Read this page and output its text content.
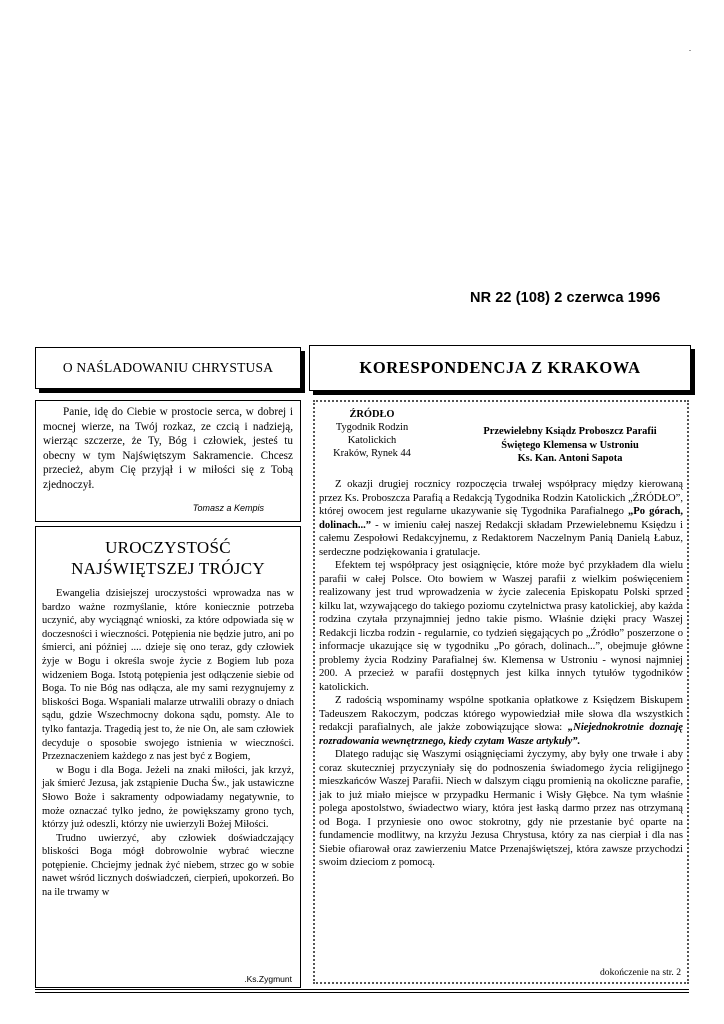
.
NR 22 (108) 2 czerwca 1996
O NAŚLADOWANIU CHRYSTUSA	KORESPONDENCJA Z KRAKOWA

Panie, idę do Ciebie w prostocie serca, w dobrej i mocnej wierze, na Twój rozkaz, ze czcią i nadzieją, wierząc szczerze, że Ty, Bóg i człowiek, jesteś tu obecny w tym Najświętszym Sakramencie. Chcesz przecież, abym Cię przyjął i w miłości się z Tobą zjednoczył.

Tomasz a Kempis
UROCZYSTOŚĆ
NAJŚWIĘTSZEJ TRÓJCY

Ewangelia dzisiejszej uroczystości wprowadza nas w bardzo ważne rozmyślanie, które koniecznie potrzeba uczynić, aby wyciągnąć wnioski, za które odpowiada się w doczesności i wieczności. Potępienia nie będzie jutro, ani po śmierci, ani później .... dzieje się ono teraz, gdy człowiek żyje w Bogu i określa swoje życie z Bogiem lub poza widzeniem Boga. Istotą potępienia jest odłączenie siebie od Boga. To nie Bóg nas odłącza, ale my sami rezygnujemy z bliskości Boga. Wspaniali malarze utrwalili obrazy o dniach sądu, gdzie Wszechmocny dokona sądu, pomsty. Ale to tylko fantazja. Tragedią jest to, że nie On, ale sam człowiek decyduje o sposobie swojego istnienia w wieczności. Przeznaczeniem każdego z nas jest być z Bogiem,

w Bogu i dla Boga. Jeżeli na znaki miłości, jak krzyż, jak śmierć Jezusa, jak zstąpienie Ducha Św., jak ustawiczne Słowo Boże i sakramenty odpowiadamy negatywnie, to może oznaczać tylko jedno, że powiększamy grono tych, którzy już odeszli, którzy nie uwierzyli Bożej Miłości.

Trudno uwierzyć, aby człowiek doświadczający bliskości Boga mógł dobrowolnie wybrać wieczne potępienie. Chciejmy jednak żyć niebem, strzec go w sobie nawet wśród licznych doświadczeń, cierpień, upokorzeń. Bo na ile trwamy w

.Ks.Zygmunt
ŹRÓDŁO
Tygodnik Rodzin
Katolickich
Kraków, Rynek 44
Przewielebny Ksiądz Proboszcz Parafii
Świętego Klemensa w Ustroniu
Ks. Kan. Antoni Sapota

Z okazji drugiej rocznicy rozpoczęcia trwałej współpracy między kierowaną przez Ks. Proboszcza Parafią a Redakcją Tygodnika Rodzin Katolickich „ŹRÓDŁO”, której owocem jest regularne ukazywanie się Tygodnika Parafialnego „Po górach, dolinach...” - w imieniu całej naszej Redakcji składam Przewielebnemu Księdzu i całemu Zespołowi Redakcyjnemu, z Redaktorem Naczelnym Panią Danielą Łabuz, serdeczne podziękowania i gratulacje.

Efektem tej współpracy jest osiągnięcie, które może być przykładem dla wielu parafii w całej Polsce. Oto bowiem w Waszej parafii z wielkim poświęceniem realizowany jest trud wprowadzenia w życie zalecenia Episkopatu Polski sprzed kilku lat, wzywającego do takiego poziomu czytelnictwa prasy katolickiej, aby każda rodzina czytała przynajmniej jedno takie pismo. Właśnie dzięki pracy Waszej Redakcji liczba rodzin - regularnie, co tydzień sięgających po „Źródło” poszerzone o informacje ukazujące się w tygodniku „Po górach, dolinach...”, obejmuje główne problemy życia Rodziny Parafialnej św. Klemensa w Ustroniu - wynosi najmniej 200. A przecież w parafii dostępnych jest kilka innych tytułów tygodników katolickich.

Z radością wspominamy wspólne spotkania opłatkowe z Księdzem Biskupem Tadeuszem Rakoczym, podczas którego wypowiedział miłe słowa dla wszystkich redakcji parafialnych, ale jakże zobowiązujące słowa: „Niejednokrotnie doznaję rozradowania wewnętrznego, kiedy czytam Wasze artykuły”.

Dlatego radując się Waszymi osiągnięciami życzymy, aby były one trwałe i aby coraz skuteczniej przyczyniały się do podnoszenia świadomego życia religijnego mieszkańców Waszej Parafii. Niech w dalszym ciągu promienią na okoliczne parafie, jak to już miało miejsce w przypadku Hermanic i Wisły Głębce. Na tym właśnie polega apostolstwo, świadectwo wiary, która jest łaską darmo przez nas otrzymaną od Boga. I przyniesie ono owoc stokrotny, gdy nie przestanie być oparte na fundamencie modlitwy, na krzyżu Jezusa Chrystusa, który za nas cierpiał i dla nas Siebie ofiarował oraz zawierzeniu Matce Przenajświętszej, która zawsze przychodzi swoim dzieciom z pomocą.

dokończenie na str. 2
